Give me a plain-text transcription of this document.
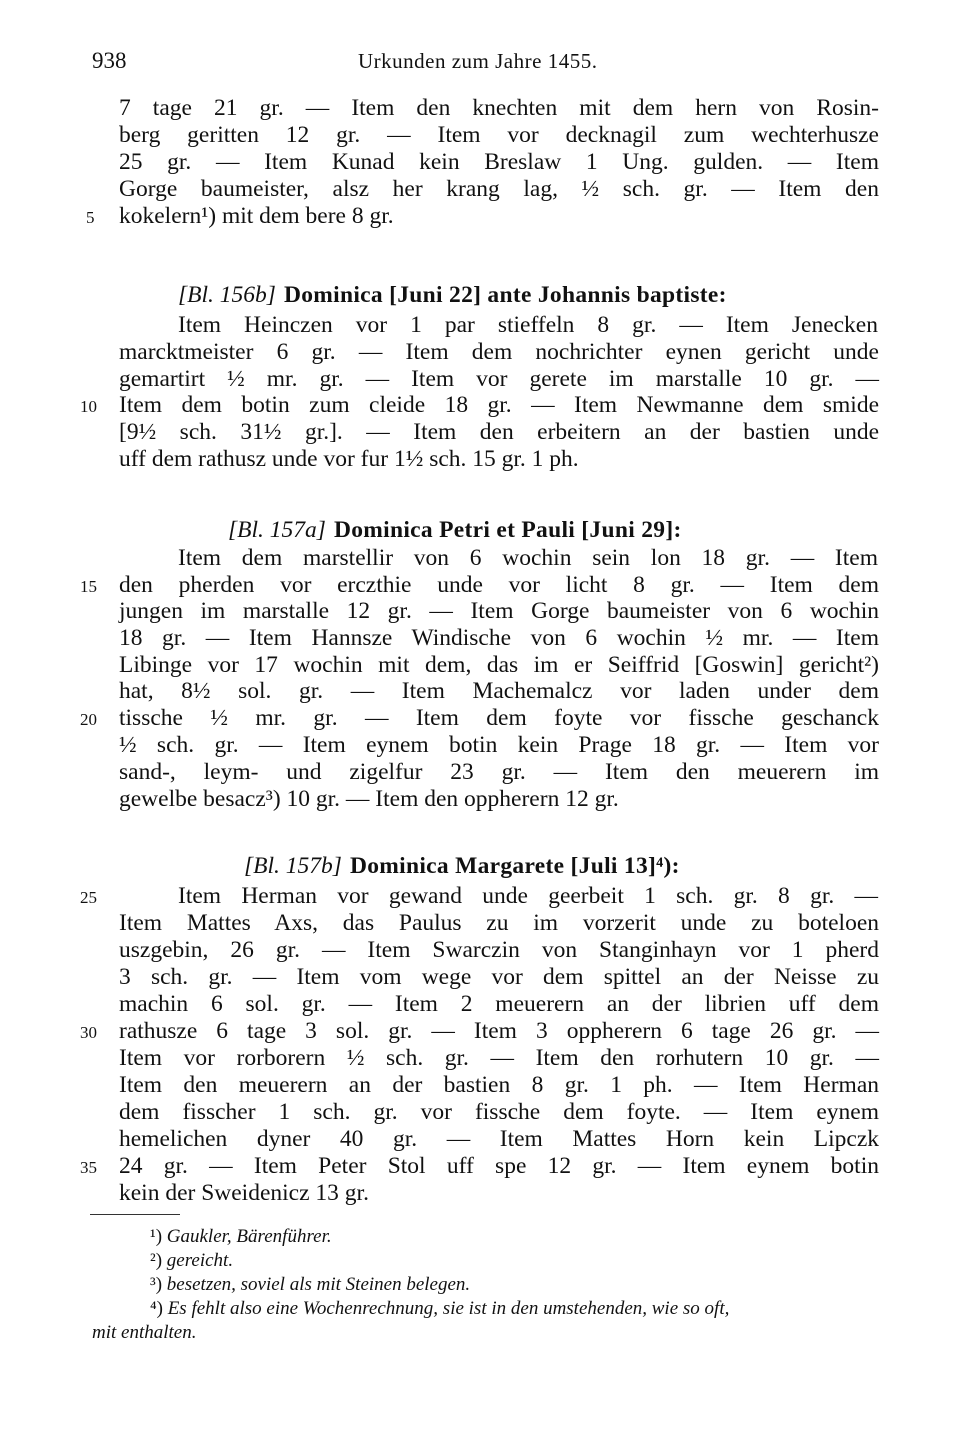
938	Urkunden zum Jahre 1455.
7 tage 21 gr. — Item den knechten mit dem hern von Rosin-
berg geritten 12 gr. — Item vor decknagil zum wechterhusze
25 gr. — Item Kunad kein Breslaw 1 Ung. gulden. — Item
Gorge baumeister, alsz her krang lag, ½ sch. gr. — Item den
kokelern¹) mit dem bere 8 gr.
[Bl. 156b] Dominica [Juni 22] ante Johannis baptiste:
Item Heinczen vor 1 par stieffeln 8 gr. — Item Jenecken
marcktmeister 6 gr. — Item dem nochrichter eynen gericht unde
gemartirt ½ mr. gr. — Item vor gerete im marstalle 10 gr. —
Item dem botin zum cleide 18 gr. — Item Newmanne dem smide
[9½ sch. 31½ gr.]. — Item den erbeitern an der bastien unde
uff dem rathusz unde vor fur 1½ sch. 15 gr. 1 ph.
[Bl. 157a] Dominica Petri et Pauli [Juni 29]:
Item dem marstellir von 6 wochin sein lon 18 gr. — Item
den pherden vor erczthie unde vor licht 8 gr. — Item dem
jungen im marstalle 12 gr. — Item Gorge baumeister von 6 wochin
18 gr. — Item Hannsze Windische von 6 wochin ½ mr. — Item
Libinge vor 17 wochin mit dem, das im er Seiffrid [Goswin] gericht²)
hat, 8½ sol. gr. — Item Machemalcz vor laden under dem
tissche ½ mr. gr. — Item dem foyte vor fissche geschanck
½ sch. gr. — Item eynem botin kein Prage 18 gr. — Item vor
sand-, leym- und zigelfur 23 gr. — Item den meuerern im
gewelbe besacz³) 10 gr. — Item den oppherern 12 gr.
[Bl. 157b] Dominica Margarete [Juli 13]⁴):
Item Herman vor gewand unde geerbeit 1 sch. gr. 8 gr. —
Item Mattes Axs, das Paulus zu im vorzerit unde zu boteloen
uszgebin, 26 gr. — Item Swarczin von Stanginhayn vor 1 pherd
3 sch. gr. — Item vom wege vor dem spittel an der Neisse zu
machin 6 sol. gr. — Item 2 meuerern an der librien uff dem
rathusze 6 tage 3 sol. gr. — Item 3 oppherern 6 tage 26 gr. —
Item vor rorborern ½ sch. gr. — Item den rorhutern 10 gr. —
Item den meuerern an der bastien 8 gr. 1 ph. — Item Herman
dem fisscher 1 sch. gr. vor fissche dem foyte. — Item eynem
hemelichen dyner 40 gr. — Item Mattes Horn kein Lipczk
24 gr. — Item Peter Stol uff spe 12 gr. — Item eynem botin
kein der Sweidenicz 13 gr.
5
10
15
20
25
30
35
¹) Gaukler, Bärenführer.
²) gereicht.
³) besetzen, soviel als mit Steinen belegen.
⁴) Es fehlt also eine Wochenrechnung, sie ist in den umstehenden, wie so oft,
mit enthalten.
